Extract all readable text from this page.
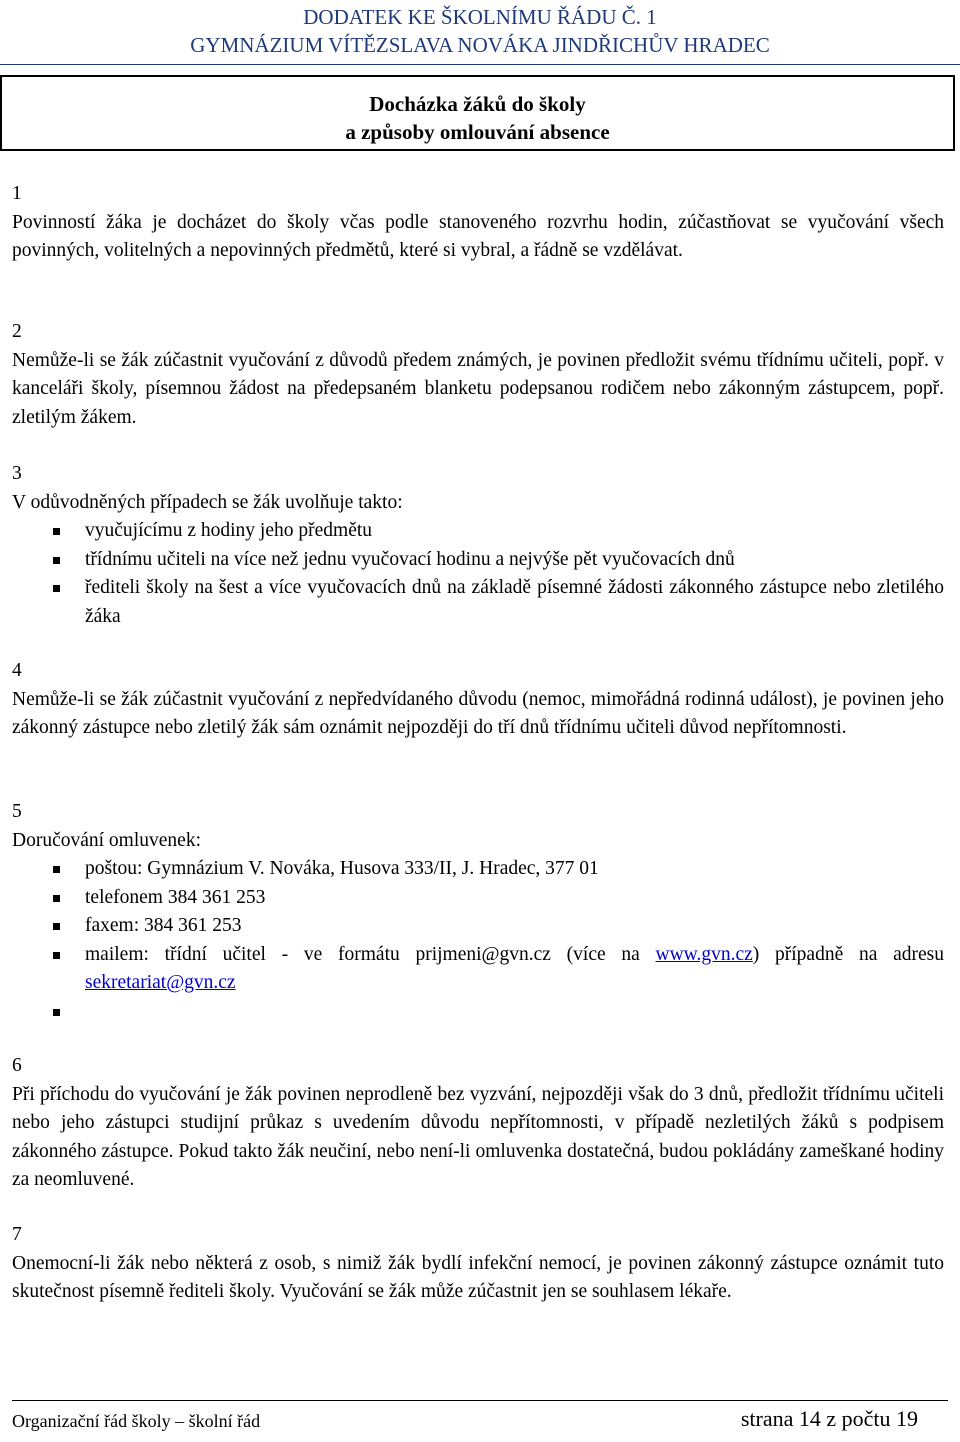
DODATEK KE ŠKOLNÍMU ŘÁDU Č. 1
GYMNÁZIUM VÍTĚZSLAVA NOVÁKA JINDŘICHŮV HRADEC
Docházka žáků do školy
a způsoby omlouvání absence
1

Povinností žáka je docházet do školy včas podle stanoveného rozvrhu hodin, zúčastňovat se vyučování všech povinných, volitelných a nepovinných předmětů, které si vybral, a řádně se vzdělávat.

2

Nemůže-li se žák zúčastnit vyučování z důvodů předem známých, je povinen předložit svému třídnímu učiteli, popř. v kanceláři školy, písemnou žádost na předepsaném blanketu podepsanou rodičem nebo zákonným zástupcem, popř. zletilým žákem.

3

V odůvodněných případech se žák uvolňuje takto:

vyučujícímu z hodiny jeho předmětu
třídnímu učiteli na více než jednu vyučovací hodinu a nejvýše pět vyučovacích dnů
řediteli školy na šest a více vyučovacích dnů na základě písemné žádosti zákonného zástupce nebo zletilého žáka
4

Nemůže-li se žák zúčastnit vyučování z nepředvídaného důvodu (nemoc, mimořádná rodinná událost), je povinen jeho zákonný zástupce nebo zletilý žák sám oznámit nejpozději do tří dnů třídnímu učiteli důvod nepřítomnosti.

5

Doručování omluvenek:

poštou: Gymnázium V. Nováka, Husova 333/II, J. Hradec, 377 01
telefonem 384 361 253
faxem: 384 361 253
mailem: třídní učitel - ve formátu prijmeni@gvn.cz (více na www.gvn.cz) případně na adresu sekretariat@gvn.cz

6

Při příchodu do vyučování je žák povinen neprodleně bez vyzvání, nejpozději však do 3 dnů, předložit třídnímu učiteli nebo jeho zástupci studijní průkaz s uvedením důvodu nepřítomnosti, v případě nezletilých žáků s podpisem zákonného zástupce. Pokud takto žák neučiní, nebo není-li omluvenka dostatečná, budou pokládány zameškané hodiny za neomluvené.

7

Onemocní-li žák nebo některá z osob, s nimiž žák bydlí infekční nemocí, je povinen zákonný zástupce oznámit tuto skutečnost písemně řediteli školy. Vyučování se žák může zúčastnit jen se souhlasem lékaře.

Organizační řád školy – školní řád	strana 14 z počtu 19
